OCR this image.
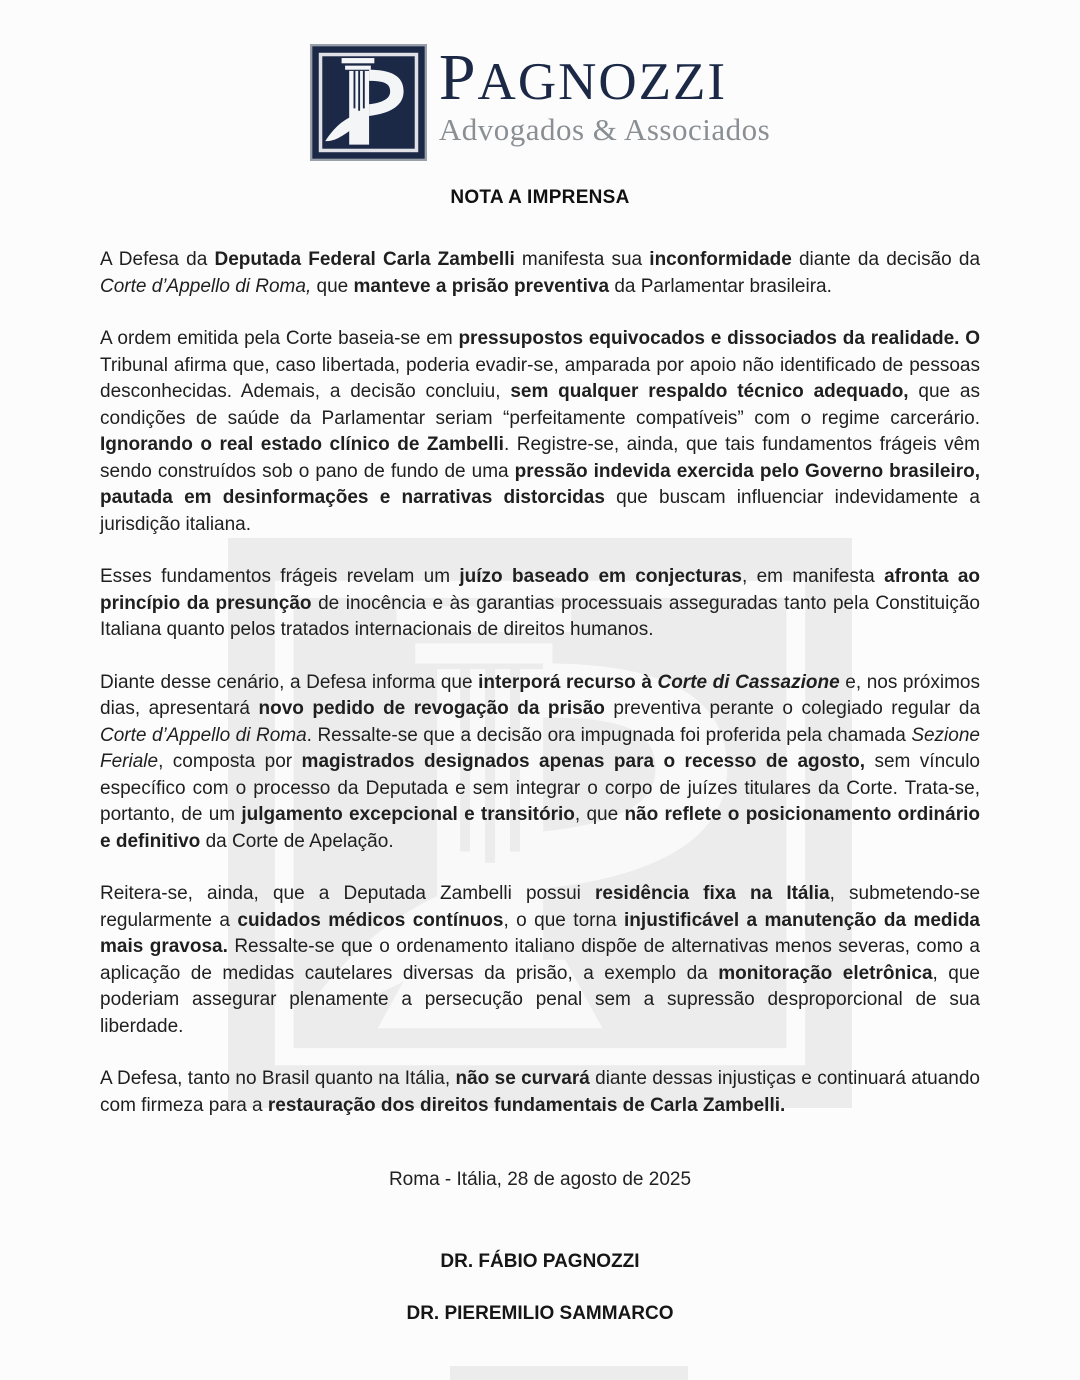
PAGNOZZI
Advogados & Associados
NOTA A IMPRENSA

A Defesa da Deputada Federal Carla Zambelli manifesta sua inconformidade diante da decisão da Corte d’Appello di Roma, que manteve a prisão preventiva da Parlamentar brasileira.

A ordem emitida pela Corte baseia-se em pressupostos equivocados e dissociados da realidade. O Tribunal afirma que, caso libertada, poderia evadir-se, amparada por apoio não identificado de pessoas desconhecidas. Ademais, a decisão concluiu, sem qualquer respaldo técnico adequado, que as condições de saúde da Parlamentar seriam “perfeitamente compatíveis” com o regime carcerário. Ignorando o real estado clínico de Zambelli. Registre-se, ainda, que tais fundamentos frágeis vêm sendo construídos sob o pano de fundo de uma pressão indevida exercida pelo Governo brasileiro, pautada em desinformações e narrativas distorcidas que buscam influenciar indevidamente a jurisdição italiana.

Esses fundamentos frágeis revelam um juízo baseado em conjecturas, em manifesta afronta ao princípio da presunção de inocência e às garantias processuais asseguradas tanto pela Constituição Italiana quanto pelos tratados internacionais de direitos humanos.

Diante desse cenário, a Defesa informa que interporá recurso à Corte di Cassazione e, nos próximos dias, apresentará novo pedido de revogação da prisão preventiva perante o colegiado regular da Corte d’Appello di Roma. Ressalte-se que a decisão ora impugnada foi proferida pela chamada Sezione Feriale, composta por magistrados designados apenas para o recesso de agosto, sem vínculo específico com o processo da Deputada e sem integrar o corpo de juízes titulares da Corte. Trata-se, portanto, de um julgamento excepcional e transitório, que não reflete o posicionamento ordinário e definitivo da Corte de Apelação.

Reitera-se, ainda, que a Deputada Zambelli possui residência fixa na Itália, submetendo-se regularmente a cuidados médicos contínuos, o que torna injustificável a manutenção da medida mais gravosa. Ressalte-se que o ordenamento italiano dispõe de alternativas menos severas, como a aplicação de medidas cautelares diversas da prisão, a exemplo da monitoração eletrônica, que poderiam assegurar plenamente a persecução penal sem a supressão desproporcional de sua liberdade.

A Defesa, tanto no Brasil quanto na Itália, não se curvará diante dessas injustiças e continuará atuando com firmeza para a restauração dos direitos fundamentais de Carla Zambelli.

Roma - Itália, 28 de agosto de 2025
DR. FÁBIO PAGNOZZI
DR. PIEREMILIO SAMMARCO
